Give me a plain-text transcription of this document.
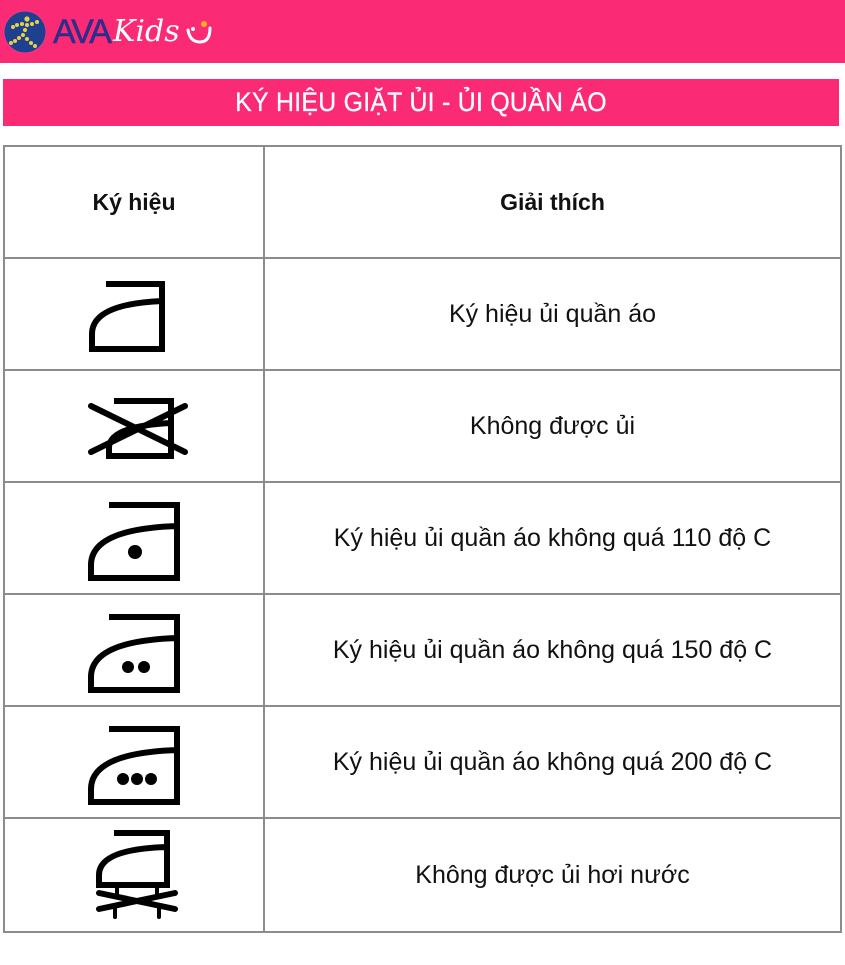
AVA Kids
KÝ HIỆU GIẶT ỦI - ỦI QUẦN ÁO
Ký hiệu	Giải thích

	Ký hiệu ủi quần áo

	Không được ủi

	Ký hiệu ủi quần áo không quá 110 độ C

	Ký hiệu ủi quần áo không quá 150 độ C

	Ký hiệu ủi quần áo không quá 200 độ C

	Không được ủi hơi nước
